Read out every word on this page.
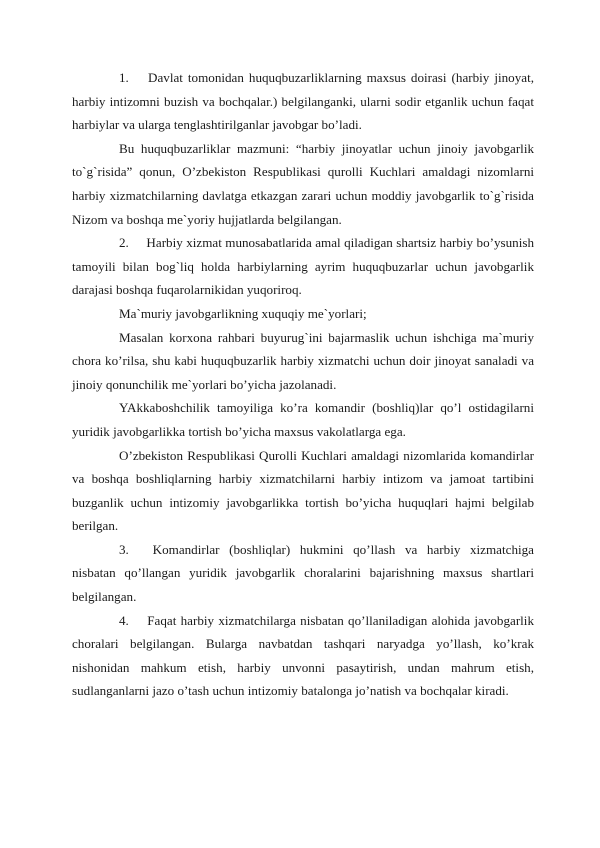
1. Davlat tomonidan huquqbuzarliklarning maxsus doirasi (harbiy jinoyat, harbiy intizomni buzish va bochqalar.) belgilanganki, ularni sodir etganlik uchun faqat harbiylar va ularga tenglashtirilganlar javobgar bo’ladi.

Bu huquqbuzarliklar mazmuni: “harbiy jinoyatlar uchun jinoiy javobgarlik to`g`risida” qonun, O’zbekiston Respublikasi qurolli Kuchlari amaldagi nizomlarni harbiy xizmatchilarning davlatga etkazgan zarari uchun moddiy javobgarlik to`g`risida Nizom va boshqa me`yoriy hujjatlarda belgilangan.

2. Harbiy xizmat munosabatlarida amal qiladigan shartsiz harbiy bo’ysunish tamoyili bilan bog`liq holda harbiylarning ayrim huquqbuzarlar uchun javobgarlik darajasi boshqa fuqarolarnikidan yuqoriroq.

Ma`muriy javobgarlikning xuquqiy me`yorlari;

Masalan korxona rahbari buyurug`ini bajarmaslik uchun ishchiga ma`muriy chora ko’rilsa, shu kabi huquqbuzarlik harbiy xizmatchi uchun doir jinoyat sanaladi va jinoiy qonunchilik me`yorlari bo’yicha jazolanadi.

YAkkaboshchilik tamoyiliga ko’ra komandir (boshliq)lar qo’l ostidagilarni yuridik javobgarlikka tortish bo’yicha maxsus vakolatlarga ega.

O’zbekiston Respublikasi Qurolli Kuchlari amaldagi nizomlarida komandirlar va boshqa boshliqlarning harbiy xizmatchilarni harbiy intizom va jamoat tartibini buzganlik uchun intizomiy javobgarlikka tortish bo’yicha huquqlari hajmi belgilab berilgan.

3. Komandirlar (boshliqlar) hukmini qo’llash va harbiy xizmatchiga nisbatan qo’llangan yuridik javobgarlik choralarini bajarishning maxsus shartlari belgilangan.

4. Faqat harbiy xizmatchilarga nisbatan qo’llaniladigan alohida javobgarlik choralari belgilangan. Bularga navbatdan tashqari naryadga yo’llash, ko’krak nishonidan mahkum etish, harbiy unvonni pasaytirish, undan mahrum etish, sudlanganlarni jazo o’tash uchun intizomiy batalonga jo’natish va bochqalar kiradi.
